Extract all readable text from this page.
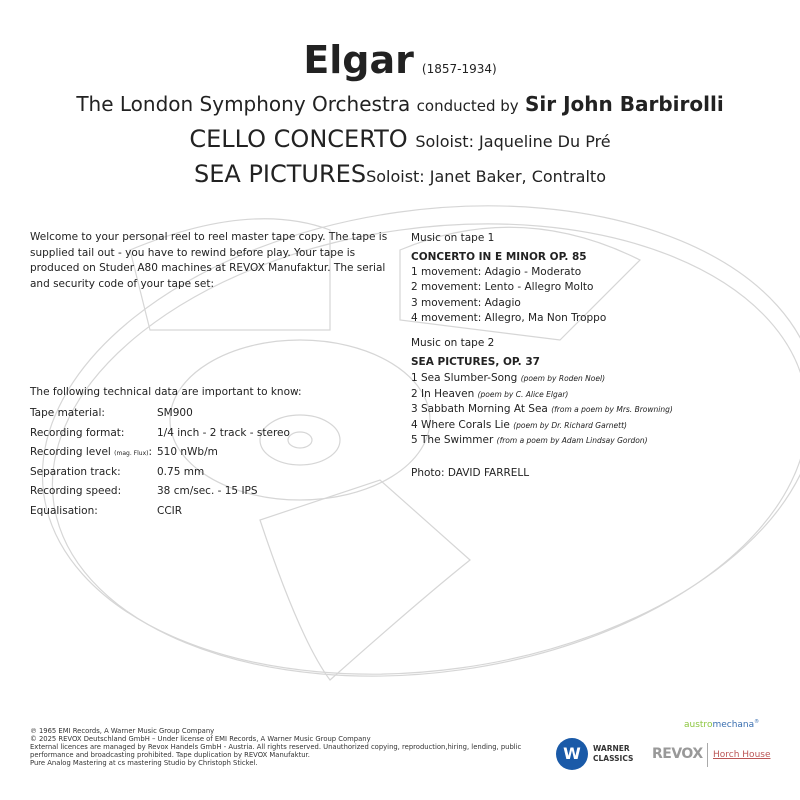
Elgar (1857-1934)
The London Symphony Orchestra conducted by Sir John Barbirolli
CELLO CONCERTO Soloist: Jaqueline Du Pré
SEA PICTURESSoloist: Janet Baker, Contralto
Welcome to your personal reel to reel master tape copy. The tape is supplied tail out - you have to rewind before play. Your tape is produced on Studer A80 machines at REVOX Manufaktur. The serial and security code of your tape set:
The following technical data are important to know:
Tape material:	SM900
Recording format:	1/4 inch - 2 track - stereo
Recording level (mag. Flux): 510 nWb/m
Separation track:	0.75 mm
Recording speed:	38 cm/sec. - 15 IPS
Equalisation:	CCIR
Music on tape 1
CONCERTO IN E MINOR OP. 85
1 movement: Adagio - Moderato
2 movement: Lento - Allegro Molto
3 movement: Adagio
4 movement: Allegro, Ma Non Troppo
Music on tape 2
SEA PICTURES, OP. 37
1 Sea Slumber-Song (poem by Roden Noel)
2 In Heaven (poem by C. Alice Elgar)
3 Sabbath Morning At Sea (from a poem by Mrs. Browning)
4 Where Corals Lie (poem by Dr. Richard Garnett)
5 The Swimmer (from a poem by Adam Lindsay Gordon)
Photo: DAVID FARRELL
℗ 1965 EMI Records, A Warner Music Group Company
© 2025 REVOX Deutschland GmbH – Under license of EMI Records, A Warner Music Group Company
External licences are managed by Revox Handels GmbH - Austria. All rights reserved. Unauthorized copying, reproduction,hiring, lending, public
performance and broadcasting prohibited. Tape duplication by REVOX Manufaktur.
Pure Analog Mastering at cs mastering Studio by Christoph Stickel.
austromechana®
W	WARNER
CLASSICS REVOX Horch House
